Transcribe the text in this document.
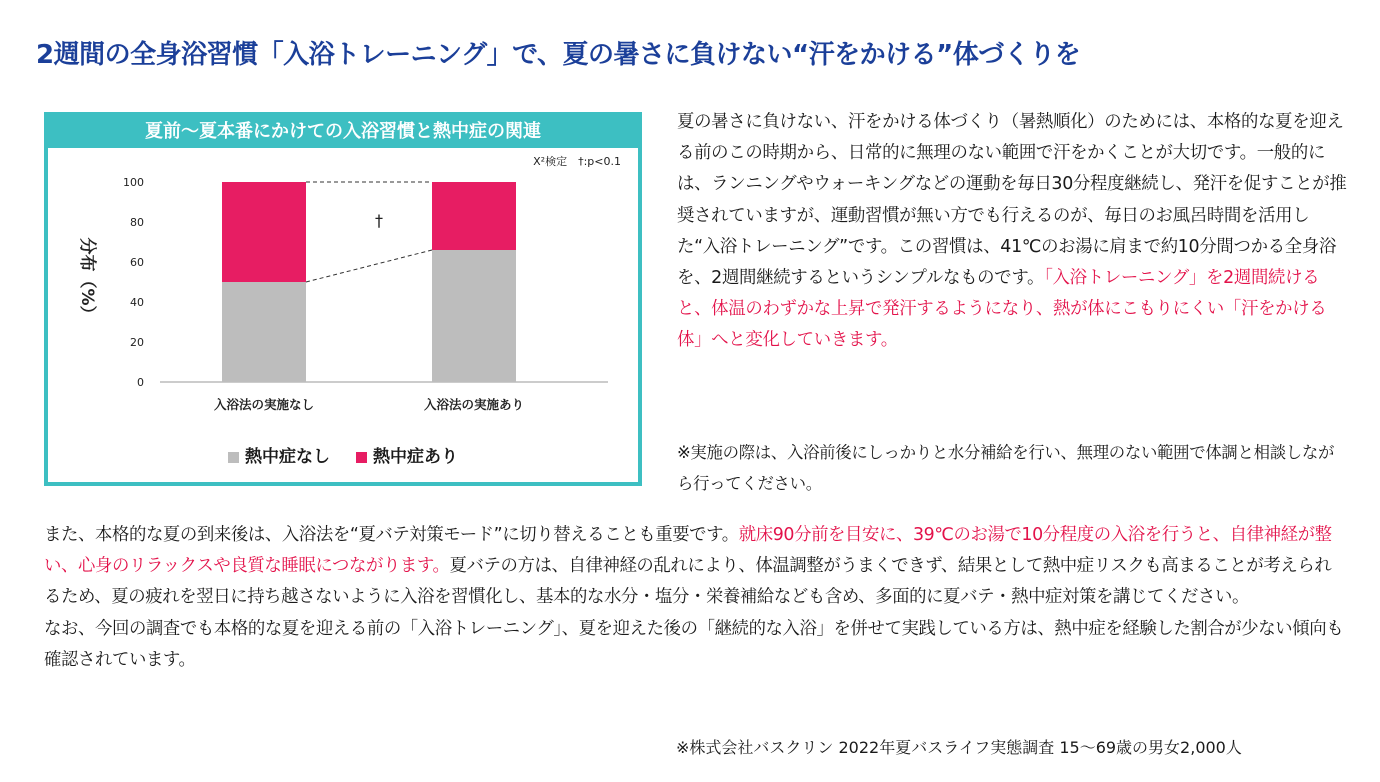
2週間の全身浴習慣「入浴トレーニング」で、夏の暑さに負けない“汗をかける”体づくりを
夏前〜夏本番にかけての入浴習慣と熱中症の関連
X²検定　†:p<0.1
分布（%）
0
20
40
60
80
100
†
入浴法の実施なし	入浴法の実施あり
熱中症なし	熱中症あり
夏の暑さに負けない、汗をかける体づくり（暑熱順化）のためには、本格的な夏を迎える前のこの時期から、日常的に無理のない範囲で汗をかくことが大切です。一般的には、ランニングやウォーキングなどの運動を毎日30分程度継続し、発汗を促すことが推奨されていますが、運動習慣が無い方でも行えるのが、毎日のお風呂時間を活用した“入浴トレーニング”です。この習慣は、41℃のお湯に肩まで約10分間つかる全身浴を、2週間継続するというシンプルなものです。「入浴トレーニング」を2週間続けると、体温のわずかな上昇で発汗するようになり、熱が体にこもりにくい「汗をかける体」へと変化していきます。
※実施の際は、入浴前後にしっかりと水分補給を行い、無理のない範囲で体調と相談しながら行ってください。
また、本格的な夏の到来後は、入浴法を“夏バテ対策モード”に切り替えることも重要です。就床90分前を目安に、39℃のお湯で10分程度の入浴を行うと、自律神経が整い、心身のリラックスや良質な睡眠につながります。夏バテの方は、自律神経の乱れにより、体温調整がうまくできず、結果として熱中症リスクも高まることが考えられるため、夏の疲れを翌日に持ち越さないように入浴を習慣化し、基本的な水分・塩分・栄養補給なども含め、多面的に夏バテ・熱中症対策を講じてください。
なお、今回の調査でも本格的な夏を迎える前の「入浴トレーニング」、夏を迎えた後の「継続的な入浴」を併せて実践している方は、熱中症を経験した割合が少ない傾向も確認されています。
※株式会社バスクリン 2022年夏バスライフ実態調査 15〜69歳の男女2,000人
